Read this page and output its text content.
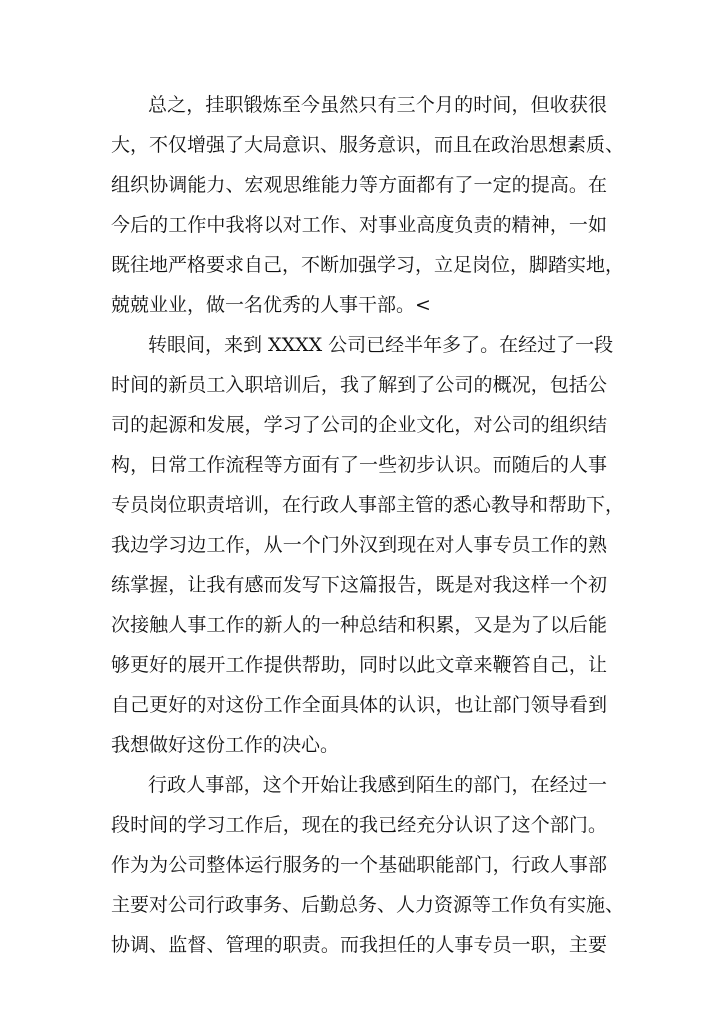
总之，挂职锻炼至今虽然只有三个月的时间，但收获很
大，不仅增强了大局意识、服务意识，而且在政治思想素质、
组织协调能力、宏观思维能力等方面都有了一定的提高。在
今后的工作中我将以对工作、对事业高度负责的精神，一如
既往地严格要求自己，不断加强学习，立足岗位，脚踏实地，
兢兢业业，做一名优秀的人事干部。<
转眼间，来到 XXXX 公司已经半年多了。在经过了一段
时间的新员工入职培训后，我了解到了公司的概况，包括公
司的起源和发展，学习了公司的企业文化，对公司的组织结
构，日常工作流程等方面有了一些初步认识。而随后的人事
专员岗位职责培训，在行政人事部主管的悉心教导和帮助下，
我边学习边工作，从一个门外汉到现在对人事专员工作的熟
练掌握，让我有感而发写下这篇报告，既是对我这样一个初
次接触人事工作的新人的一种总结和积累，又是为了以后能
够更好的展开工作提供帮助，同时以此文章来鞭笞自己，让
自己更好的对这份工作全面具体的认识，也让部门领导看到
我想做好这份工作的决心。
行政人事部，这个开始让我感到陌生的部门，在经过一
段时间的学习工作后，现在的我已经充分认识了这个部门。
作为为公司整体运行服务的一个基础职能部门，行政人事部
主要对公司行政事务、后勤总务、人力资源等工作负有实施、
协调、监督、管理的职责。而我担任的人事专员一职，主要
